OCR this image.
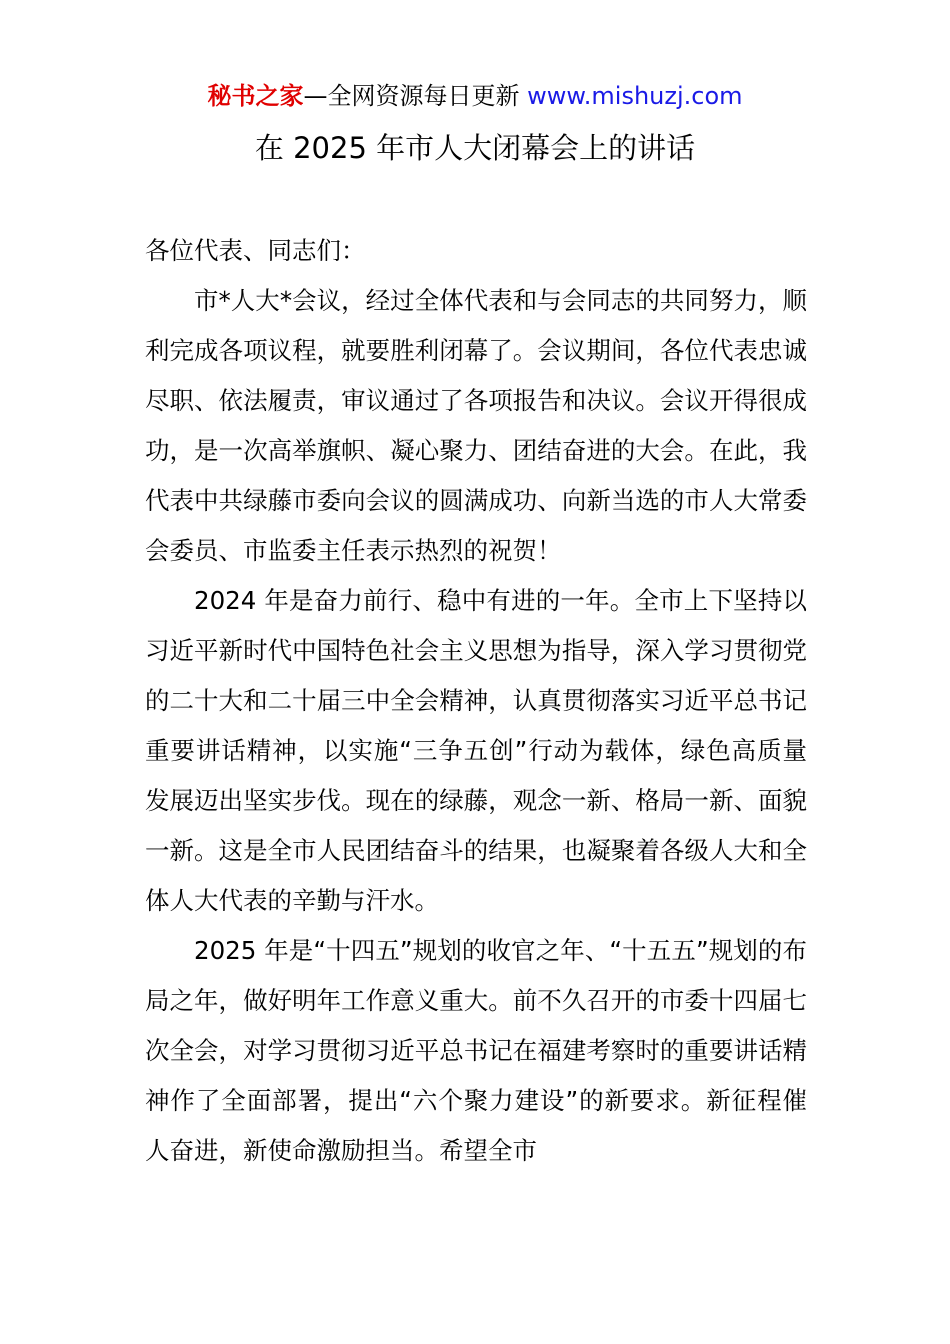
秘书之家—全网资源每日更新 www.mishuzj.com
在 2025 年市人大闭幕会上的讲话

各位代表、同志们：

市*人大*会议，经过全体代表和与会同志的共同努力，顺利完成各项议程，就要胜利闭幕了。会议期间，各位代表忠诚尽职、依法履责，审议通过了各项报告和决议。会议开得很成功，是一次高举旗帜、凝心聚力、团结奋进的大会。在此，我代表中共绿藤市委向会议的圆满成功、向新当选的市人大常委会委员、市监委主任表示热烈的祝贺！

2024 年是奋力前行、稳中有进的一年。全市上下坚持以习近平新时代中国特色社会主义思想为指导，深入学习贯彻党的二十大和二十届三中全会精神，认真贯彻落实习近平总书记重要讲话精神，以实施“三争五创”行动为载体，绿色高质量发展迈出坚实步伐。现在的绿藤，观念一新、格局一新、面貌一新。这是全市人民团结奋斗的结果，也凝聚着各级人大和全体人大代表的辛勤与汗水。

2025 年是“十四五”规划的收官之年、“十五五”规划的布局之年，做好明年工作意义重大。前不久召开的市委十四届七次全会，对学习贯彻习近平总书记在福建考察时的重要讲话精神作了全面部署，提出“六个聚力建设”的新要求。新征程催人奋进，新使命激励担当。希望全市
